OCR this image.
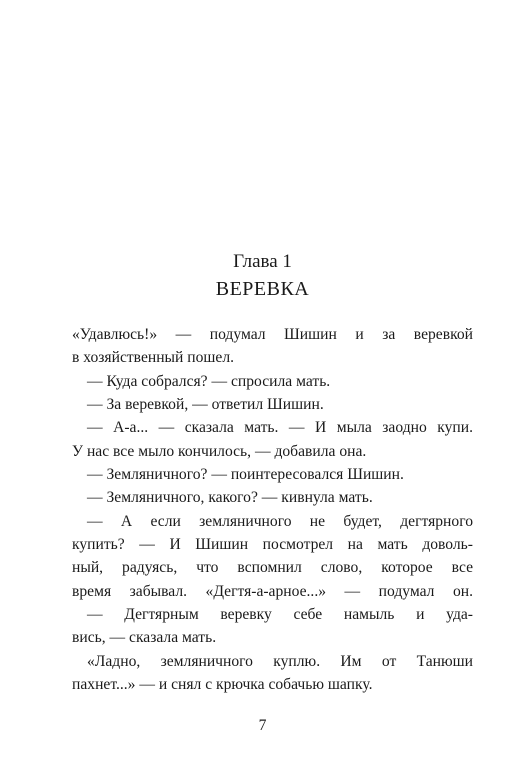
Глава 1
ВЕРЕВКА
«Удавлюсь!» — подумал Шишин и за веревкой
в хозяйственный пошел.
— Куда собрался? — спросила мать.
— За веревкой, — ответил Шишин.
— А-а... — сказала мать. — И мыла заодно купи.
У нас все мыло кончилось, — добавила она.
— Земляничного? — поинтересовался Шишин.
— Земляничного, какого? — кивнула мать.
— А если земляничного не будет, дегтярного
купить? — И Шишин посмотрел на мать доволь-
ный, радуясь, что вспомнил слово, которое все
время забывал. «Дегтя-а-арное...» — подумал он.
— Дегтярным веревку себе намыль и уда-
вись, — сказала мать.
«Ладно, земляничного куплю. Им от Танюши
пахнет...» — и снял с крючка собачью шапку.
7
